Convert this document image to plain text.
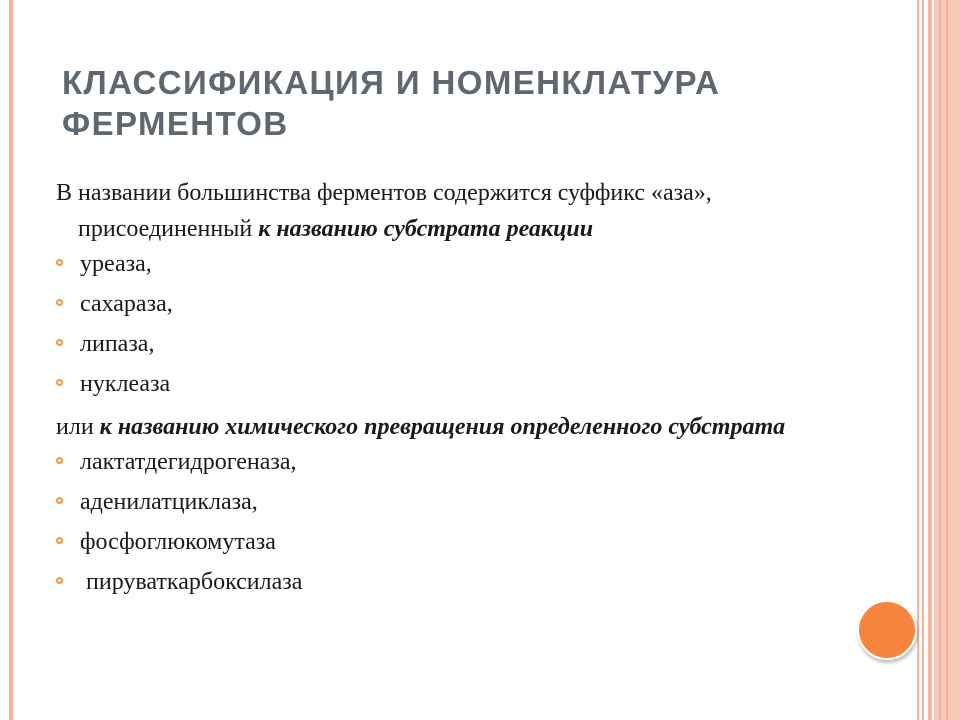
КЛАССИФИКАЦИЯ И НОМЕНКЛАТУРА ФЕРМЕНТОВ

В названии большинства ферментов содержится суффикс «аза», присоединенный к названию субстрата реакции

уреаза,
сахараза,
липаза,
нуклеаза

или к названию химического превращения определенного субстрата

лактатдегидрогеназа,
аденилатциклаза,
фосфоглюкомутаза
пируваткарбоксилаза
